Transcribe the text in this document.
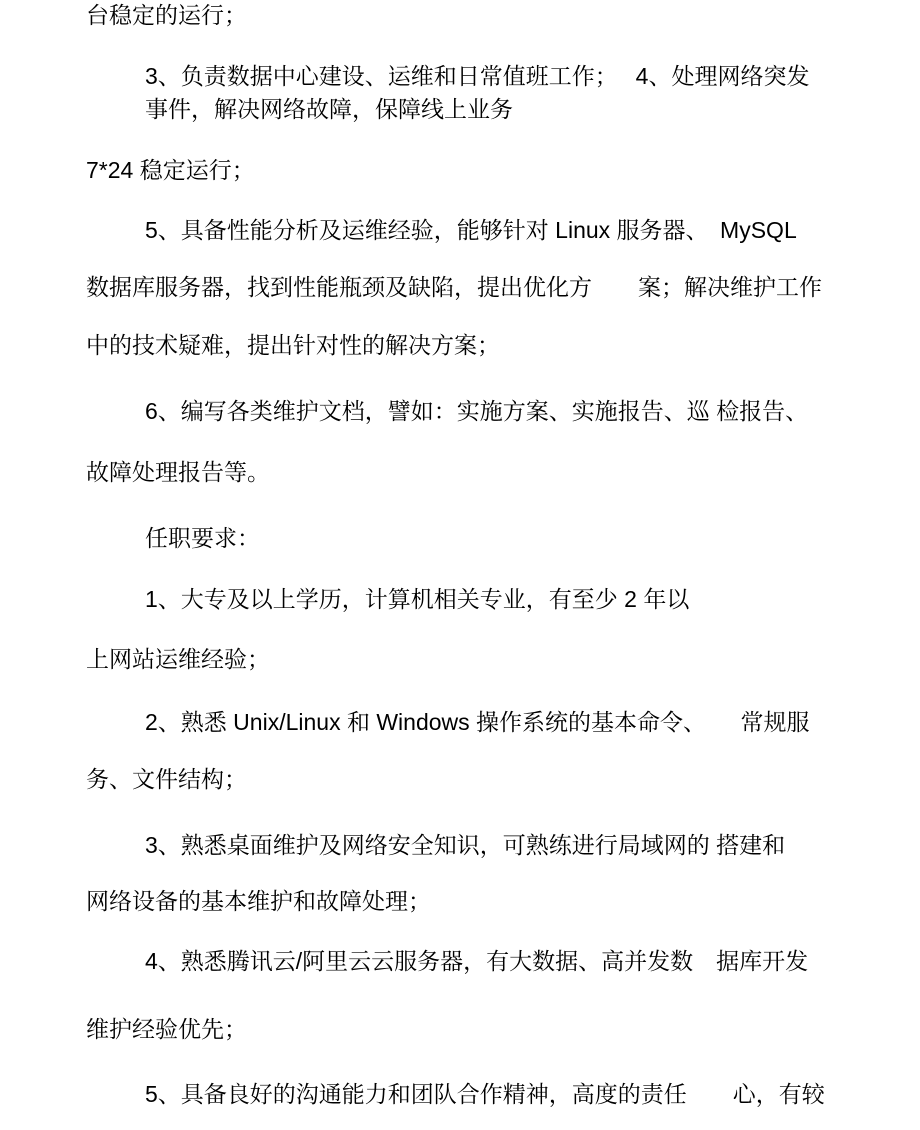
台稳定的运行；
3、负责数据中心建设、运维和日常值班工作；　 4、处理网络突发
事件，解决网络故障，保障线上业务
7*24 稳定运行；
5、具备性能分析及运维经验，能够针对 Linux 服务器、　MySQL
数据库服务器，找到性能瓶颈及缺陷，提出优化方　　案；解决维护工作
中的技术疑难，提出针对性的解决方案；
6、编写各类维护文档，譬如：实施方案、实施报告、巡 检报告、
故障处理报告等。
任职要求：
1、大专及以上学历，计算机相关专业，有至少 2 年以
上网站运维经验；
2、熟悉 Unix/Linux 和 Windows 操作系统的基本命令、　　常规服
务、文件结构；
3、熟悉桌面维护及网络安全知识，可熟练进行局域网的 搭建和
网络设备的基本维护和故障处理；
4、熟悉腾讯云/阿里云云服务器，有大数据、高并发数　据库开发
维护经验优先；
5、具备良好的沟通能力和团队合作精神，高度的责任　　心，有较
